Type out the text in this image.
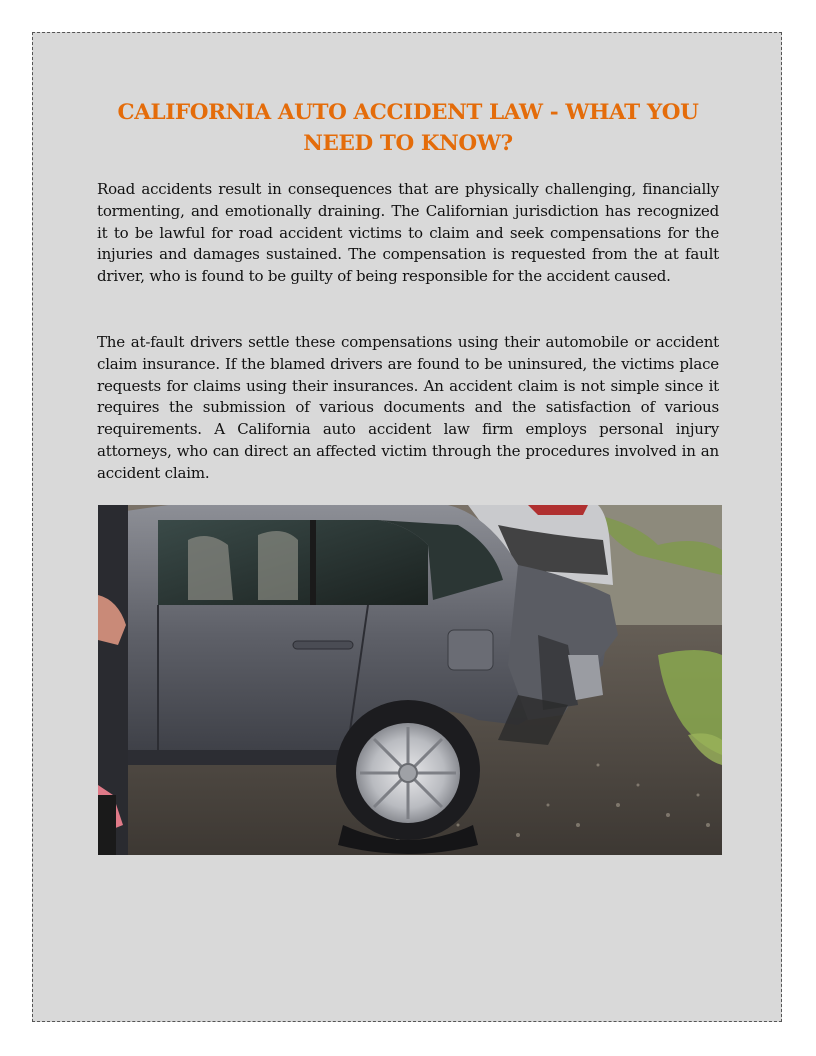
CALIFORNIA AUTO ACCIDENT LAW - WHAT YOU NEED TO KNOW?

Road accidents result in consequences that are physically challenging, financially tormenting, and emotionally draining. The Californian jurisdiction has recognized it to be lawful for road accident victims to claim and seek compensations for the injuries and damages sustained. The compensation is requested from the at fault driver, who is found to be guilty of being responsible for the accident caused.

The at-fault drivers settle these compensations using their automobile or accident claim insurance. If the blamed drivers are found to be uninsured, the victims place requests for claims using their insurances. An accident claim is not simple since it requires the submission of various documents and the satisfaction of various requirements. A California auto accident law firm employs personal injury attorneys, who can direct an affected victim through the procedures involved in an accident claim.
